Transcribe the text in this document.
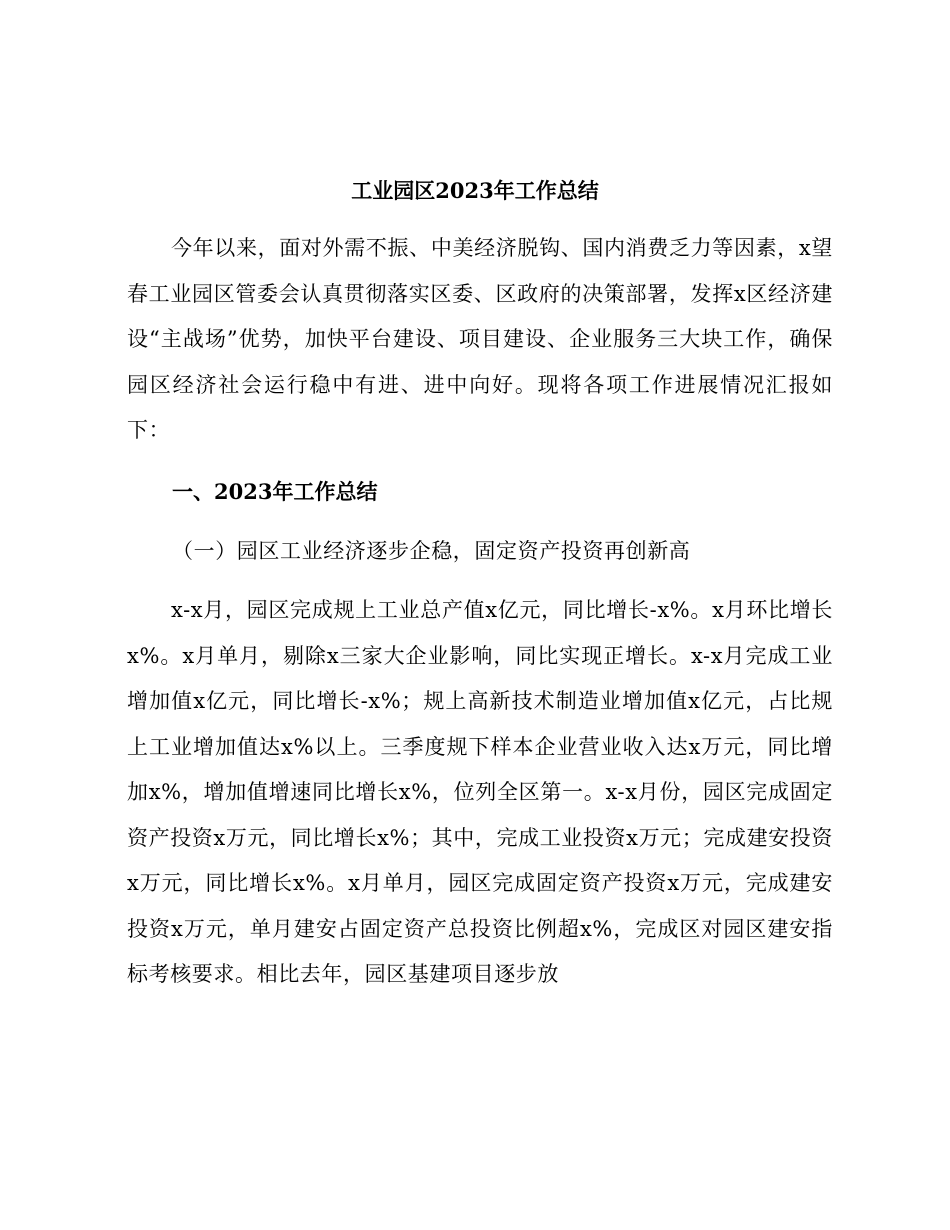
工业园区2023年工作总结

今年以来，面对外需不振、中美经济脱钩、国内消费乏力等因素，x望春工业园区管委会认真贯彻落实区委、区政府的决策部署，发挥x区经济建设“主战场”优势，加快平台建设、项目建设、企业服务三大块工作，确保园区经济社会运行稳中有进、进中向好。现将各项工作进展情况汇报如下：

一、2023年工作总结
（一）园区工业经济逐步企稳，固定资产投资再创新高

x-x月，园区完成规上工业总产值x亿元，同比增长-x%。x月环比增长x%。x月单月，剔除x三家大企业影响，同比实现正增长。x-x月完成工业增加值x亿元，同比增长-x%；规上高新技术制造业增加值x亿元，占比规上工业增加值达x%以上。三季度规下样本企业营业收入达x万元，同比增加x%，增加值增速同比增长x%，位列全区第一。x-x月份，园区完成固定资产投资x万元，同比增长x%；其中，完成工业投资x万元；完成建安投资x万元，同比增长x%。x月单月，园区完成固定资产投资x万元，完成建安投资x万元，单月建安占固定资产总投资比例超x%，完成区对园区建安指标考核要求。相比去年，园区基建项目逐步放
